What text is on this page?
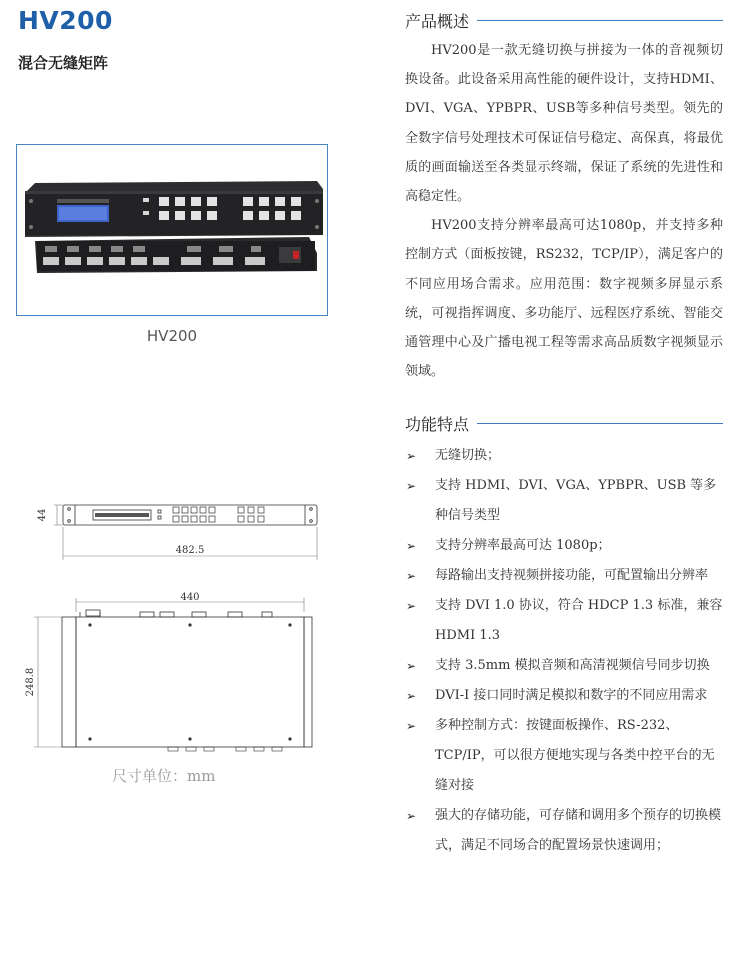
HV200
混合无缝矩阵
HV200
44
482.5
440
248.8
尺寸单位：mm
产品概述

HV200是一款无缝切换与拼接为一体的音视频切换设备。此设备采用高性能的硬件设计，支持HDMI、DVI、VGA、YPBPR、USB等多种信号类型。领先的全数字信号处理技术可保证信号稳定、高保真，将最优质的画面输送至各类显示终端，保证了系统的先进性和高稳定性。

HV200支持分辨率最高可达1080p，并支持多种控制方式（面板按键，RS232，TCP/IP），满足客户的不同应用场合需求。应用范围：数字视频多屏显示系统，可视指挥调度、多功能厅、远程医疗系统、智能交通管理中心及广播电视工程等需求高品质数字视频显示领域。

功能特点
➢ 无缝切换；
➢ 支持 HDMI、DVI、VGA、YPBPR、USB 等多种信号类型
➢ 支持分辨率最高可达 1080p；
➢ 每路输出支持视频拼接功能，可配置输出分辨率
➢ 支持 DVI 1.0 协议，符合 HDCP 1.3 标准，兼容 HDMI 1.3
➢ 支持 3.5mm 模拟音频和高清视频信号同步切换
➢ DVI-I 接口同时满足模拟和数字的不同应用需求
➢ 多种控制方式：按键面板操作、RS-232、TCP/IP，可以很方便地实现与各类中控平台的无缝对接
➢ 强大的存储功能，可存储和调用多个预存的切换模式，满足不同场合的配置场景快速调用；
